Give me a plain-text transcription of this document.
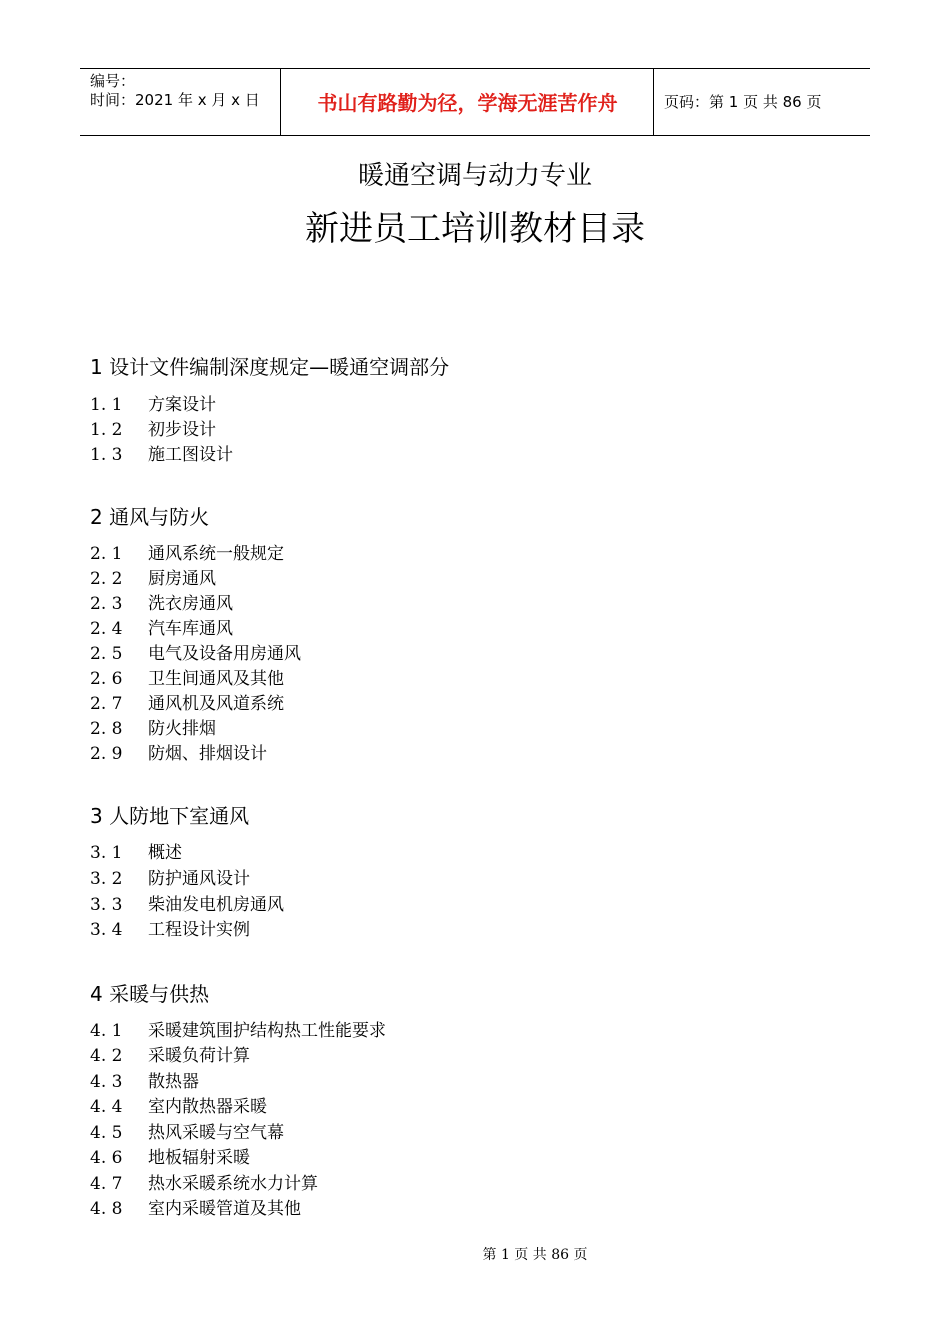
编号：
时间：2021 年 x 月 x 日	书山有路勤为径，学海无涯苦作舟	页码：第 1 页 共 86 页
暖通空调与动力专业
新进员工培训教材目录
1 设计文件编制深度规定—暖通空调部分
1. 1 方案设计
1. 2 初步设计
1. 3 施工图设计
2 通风与防火
2. 1 通风系统一般规定
2. 2 厨房通风
2. 3 洗衣房通风
2. 4 汽车库通风
2. 5 电气及设备用房通风
2. 6 卫生间通风及其他
2. 7 通风机及风道系统
2. 8 防火排烟
2. 9 防烟、排烟设计
3 人防地下室通风
3. 1 概述
3. 2 防护通风设计
3. 3 柴油发电机房通风
3. 4 工程设计实例
4 采暖与供热
4. 1 采暖建筑围护结构热工性能要求
4. 2 采暖负荷计算
4. 3 散热器
4. 4 室内散热器采暖
4. 5 热风采暖与空气幕
4. 6 地板辐射采暖
4. 7 热水采暖系统水力计算
4. 8 室内采暖管道及其他
第 1 页 共 86 页
